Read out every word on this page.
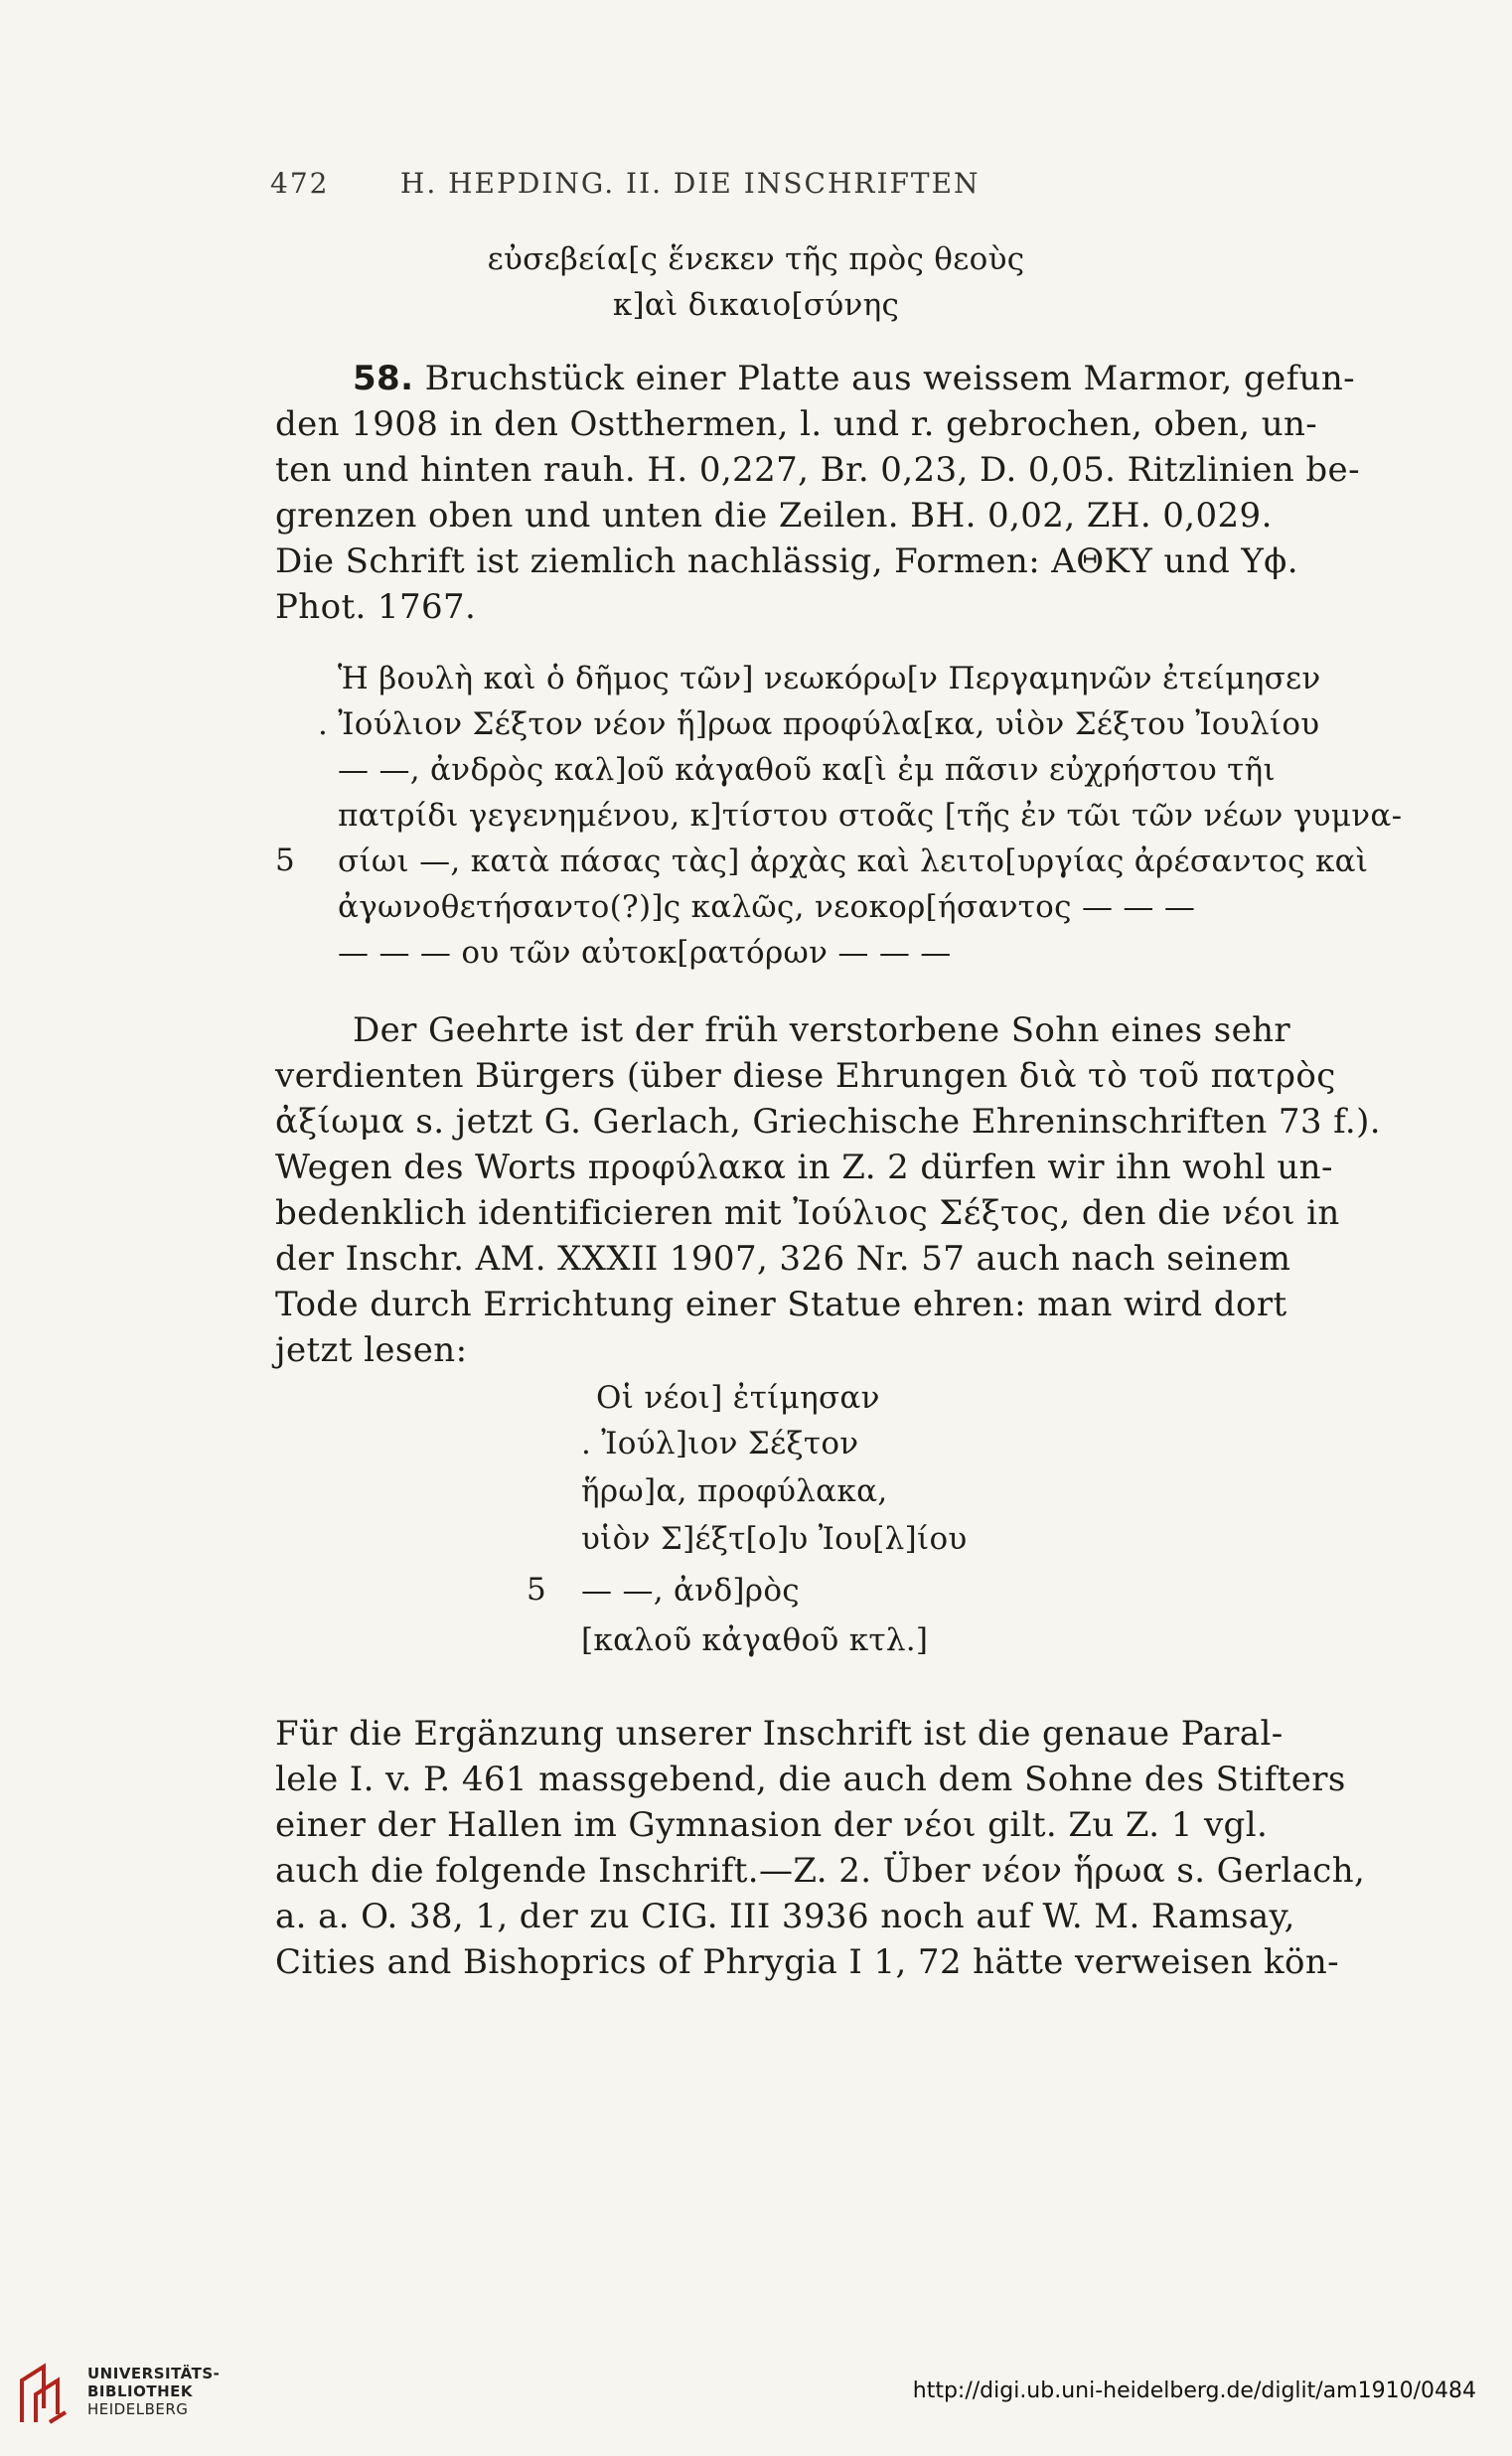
472	H. HEPDING. II. DIE INSCHRIFTEN
εὐσεβεία[ς ἕνεκεν τῆς πρὸς θεοὺς
κ]αὶ δικαιο[σύνης
58. Bruchstück einer Platte aus weissem Marmor, gefun-
den 1908 in den Ostthermen, l. und r. gebrochen, oben, un-
ten und hinten rauh. H. 0,227, Br. 0,23, D. 0,05. Ritzlinien be-
grenzen oben und unten die Zeilen. BH. 0,02, ZH. 0,029.
Die Schrift ist ziemlich nachlässig, Formen: ΑΘΚΥ und Υϕ.
Phot. 1767.
Ἡ βουλὴ καὶ ὁ δῆμος τῶν] νεωκόρω[ν Περγαμηνῶν ἐτείμησεν
. Ἰούλιον Σέξτον νέον ἥ]ρωα προφύλα[κα, υἱὸν Σέξτου Ἰουλίου
— —, ἀνδρὸς καλ]οῦ κἀγαθοῦ κα[ὶ ἐμ πᾶσιν εὐχρήστου τῆι
πατρίδι γεγενημένου, κ]τίστου στοᾶς [τῆς ἐν τῶι τῶν νέων γυμνα-
5 σίωι —, κατὰ πάσας τὰς] ἀρχὰς καὶ λειτο[υργίας ἀρέσαντος καὶ
ἀγωνοθετήσαντο(?)]ς καλῶς, νεοκορ[ήσαντος — — —
— — — ου τῶν αὐτοκ[ρατόρων — — —
Der Geehrte ist der früh verstorbene Sohn eines sehr
verdienten Bürgers (über diese Ehrungen διὰ τὸ τοῦ πατρὸς
ἀξίωμα s. jetzt G. Gerlach, Griechische Ehreninschriften 73 f.).
Wegen des Worts προφύλακα in Z. 2 dürfen wir ihn wohl un-
bedenklich identificieren mit Ἰούλιος Σέξτος, den die νέοι in
der Inschr. AM. XXXII 1907, 326 Nr. 57 auch nach seinem
Tode durch Errichtung einer Statue ehren: man wird dort
jetzt lesen:
Οἱ νέοι] ἐτίμησαν
. Ἰούλ]ιον Σέξτον
ἥρω]α, προφύλακα,
υἱὸν Σ]έξτ[ο]υ Ἰου[λ]ίου
5 — —, ἀνδ]ρὸς
[καλοῦ κἀγαθοῦ κτλ.]
Für die Ergänzung unserer Inschrift ist die genaue Paral-
lele I. v. P. 461 massgebend, die auch dem Sohne des Stifters
einer der Hallen im Gymnasion der νέοι gilt. Zu Z. 1 vgl.
auch die folgende Inschrift.—Z. 2. Über νέον ἥρωα s. Gerlach,
a. a. O. 38, 1, der zu CIG. III 3936 noch auf W. M. Ramsay,
Cities and Bishoprics of Phrygia I 1, 72 hätte verweisen kön-
UNIVERSITÄTS-
BIBLIOTHEK
HEIDELBERG
http://digi.ub.uni-heidelberg.de/diglit/am1910/0484
